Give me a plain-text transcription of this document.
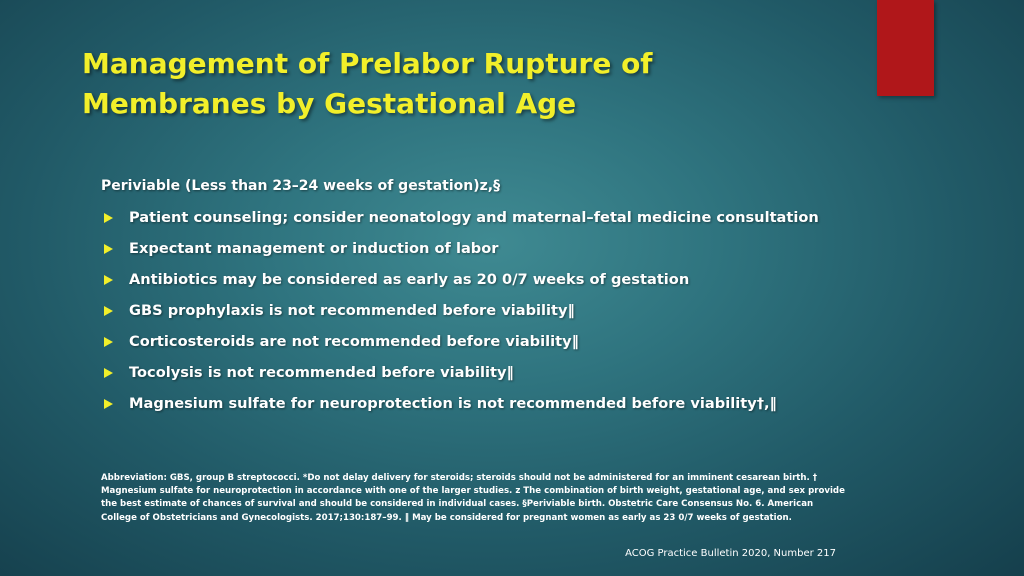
Management of Prelabor Rupture of
Membranes by Gestational Age

Periviable (Less than 23–24 weeks of gestation)z,§

Patient counseling; consider neonatology and maternal–fetal medicine consultation
Expectant management or induction of labor
Antibiotics may be considered as early as 20 0/7 weeks of gestation
GBS prophylaxis is not recommended before viability‖
Corticosteroids are not recommended before viability‖
Tocolysis is not recommended before viability‖
Magnesium sulfate for neuroprotection is not recommended before viability†,‖

Abbreviation: GBS, group B streptococci. *Do not delay delivery for steroids; steroids should not be administered for an imminent cesarean birth. † Magnesium sulfate for neuroprotection in accordance with one of the larger studies. z The combination of birth weight, gestational age, and sex provide the best estimate of chances of survival and should be considered in individual cases. §Periviable birth. Obstetric Care Consensus No. 6. American College of Obstetricians and Gynecologists. 2017;130:187–99. ‖ May be considered for pregnant women as early as 23 0/7 weeks of gestation.

ACOG Practice Bulletin 2020, Number 217
